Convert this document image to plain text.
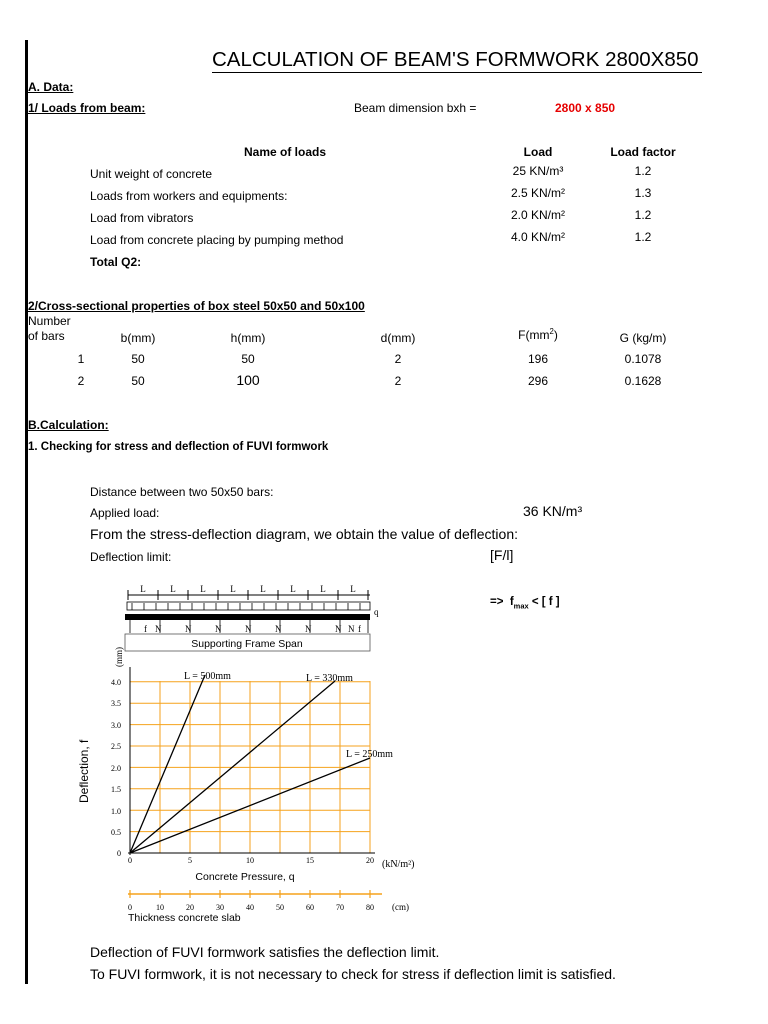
CALCULATION OF BEAM'S FORMWORK 2800X850
A. Data:
1/ Loads from beam:	Beam dimension bxh =	2800 x 850
Name of loads	Load	Load factor
Unit weight of concrete	25 KN/m³	1.2
Loads from workers and equipments:	2.5 KN/m²	1.3
Load from vibrators	2.0 KN/m²	1.2
Load from concrete placing by pumping method	4.0 KN/m²	1.2
Total Q2:
2/Cross-sectional properties of box steel 50x50 and 50x100
Number
of bars	b(mm)	h(mm)	d(mm)	$F(mm^2)$	G (kg/m)
1	50	50	2	196	0.1078
2	50	100	2	296	0.1628
B.Calculation:
1. Checking for stress and deflection of FUVI formwork
Distance between two 50x50 bars:
Applied load:	36 KN/m³
From the stress-deflection diagram, we obtain the value of deflection:
Deflection limit:	[F/l]
=> $f_{max}$ < [ f ]
L	L	L	L	L	L	L	L
q
f N	N	N	N	N	N	N N f
Supporting Frame Span
(mm)
Deflection, f
4.0
3.5
3.0
2.5
2.0
1.5
1.0
0.5
0
0	5	10	15	20 (kN/m²)
L = 500mm	L = 330mm
L = 250mm
Concrete Pressure, q
0	10	20	30	40	50	60	70	80 (cm)
Thickness concrete slab
Deflection of FUVI formwork satisfies the deflection limit.
To FUVI formwork, it is not necessary to check for stress if deflection limit is satisfied.
